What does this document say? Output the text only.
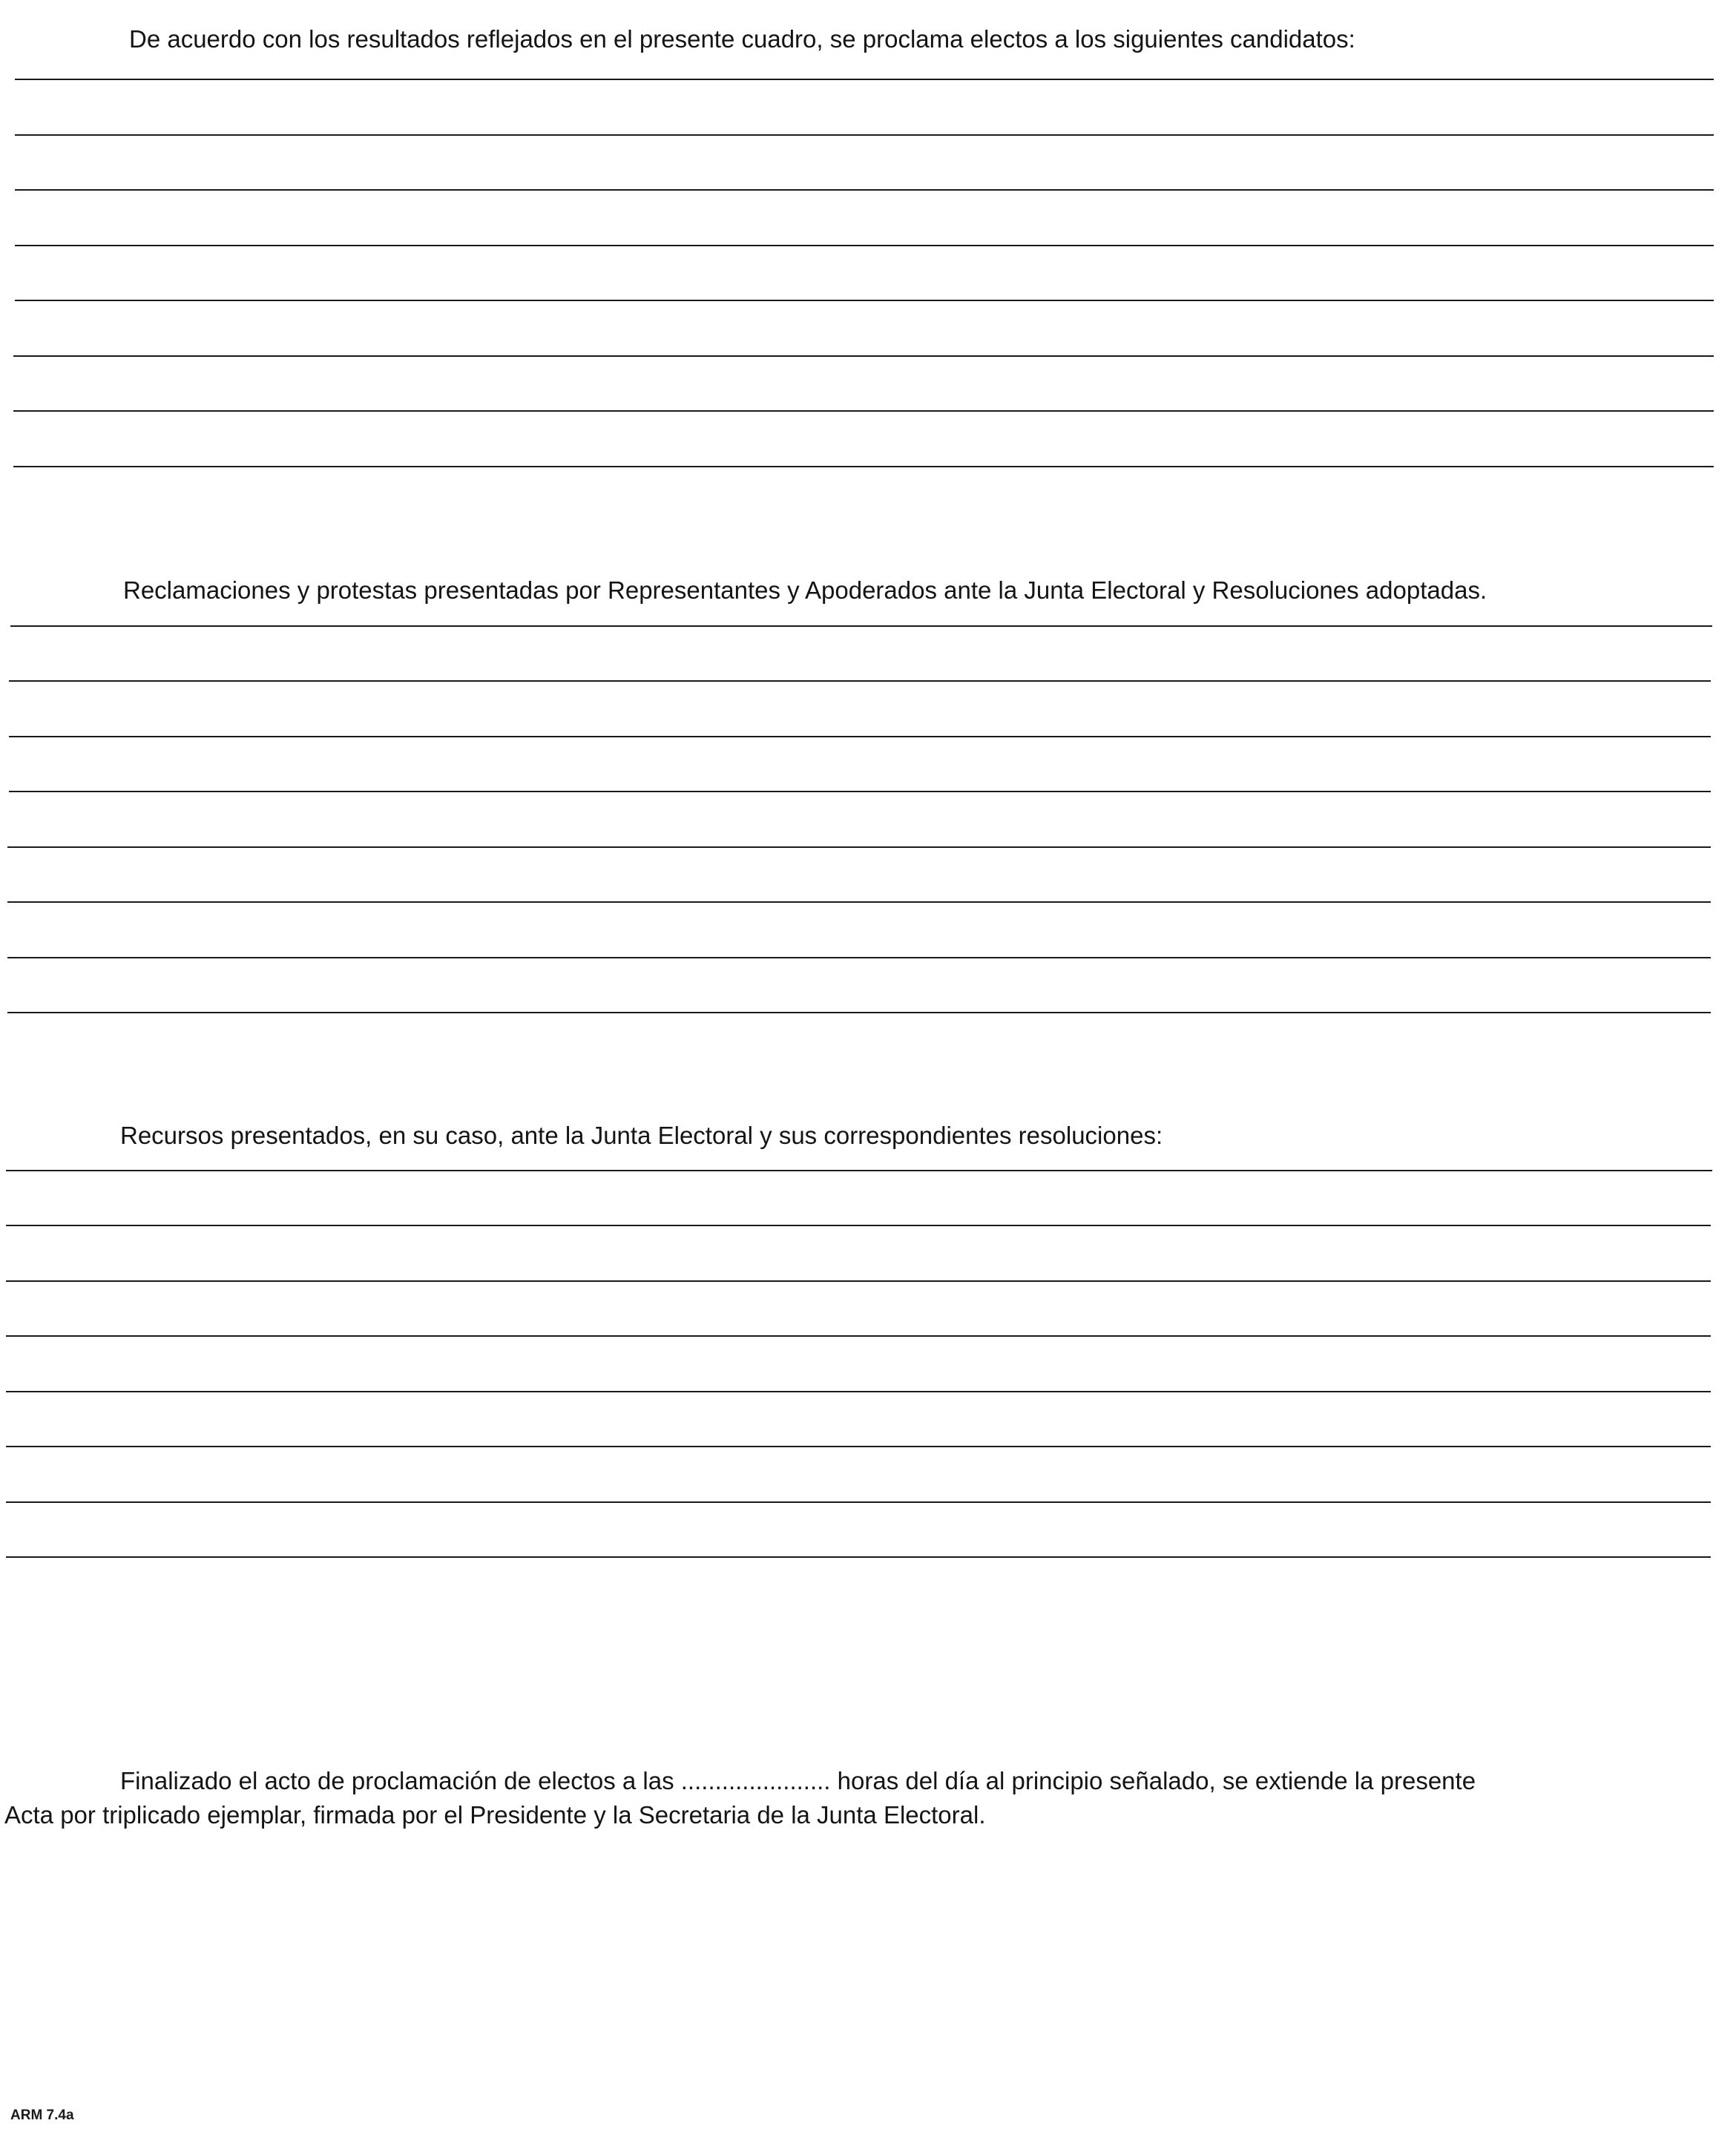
De acuerdo con los resultados reflejados en el presente cuadro, se proclama electos a los siguientes candidatos:
Reclamaciones y protestas presentadas por Representantes y Apoderados ante la Junta Electoral y Resoluciones adoptadas.
Recursos presentados, en su caso, ante la Junta Electoral y sus correspondientes resoluciones:
Finalizado el acto de proclamación de electos a las ...................... horas del día al principio señalado, se extiende la presente
Acta por triplicado ejemplar, firmada por el Presidente y la Secretaria de la Junta Electoral.
ARM 7.4a
